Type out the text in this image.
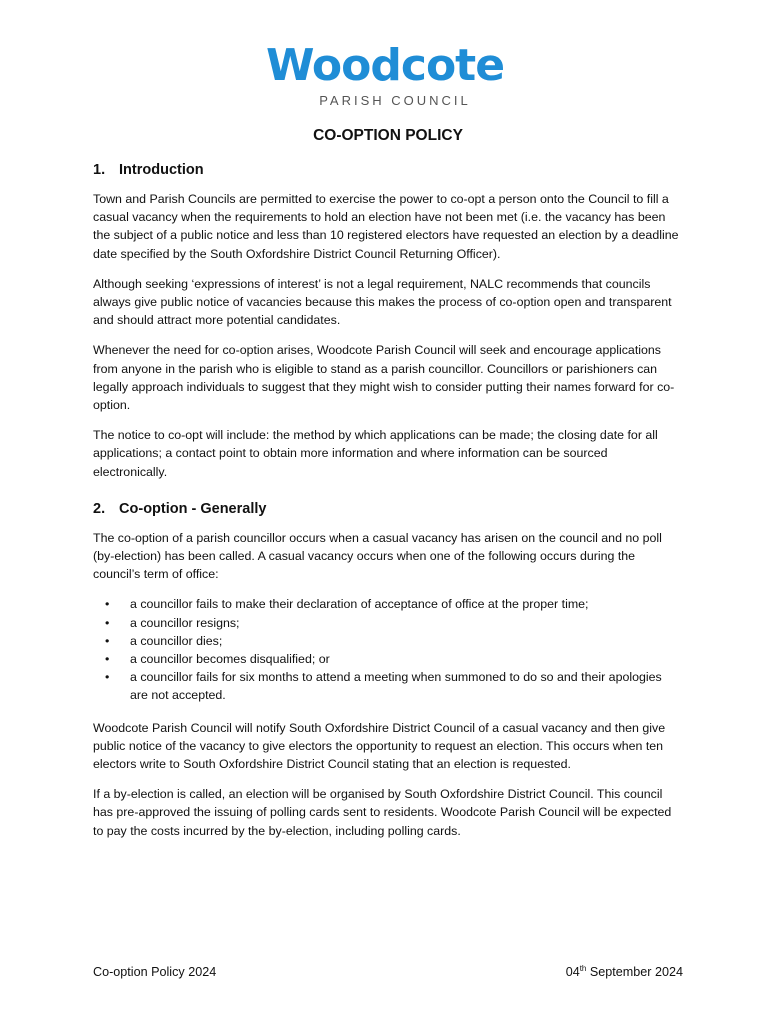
Woodcote
PARISH COUNCIL
CO-OPTION POLICY
1. Introduction

Town and Parish Councils are permitted to exercise the power to co-opt a person onto the Council to fill a casual vacancy when the requirements to hold an election have not been met (i.e. the vacancy has been the subject of a public notice and less than 10 registered electors have requested an election by a deadline date specified by the South Oxfordshire District Council Returning Officer).

Although seeking ‘expressions of interest’ is not a legal requirement, NALC recommends that councils always give public notice of vacancies because this makes the process of co-option open and transparent and should attract more potential candidates.

Whenever the need for co-option arises, Woodcote Parish Council will seek and encourage applications from anyone in the parish who is eligible to stand as a parish councillor. Councillors or parishioners can legally approach individuals to suggest that they might wish to consider putting their names forward for co-option.

The notice to co-opt will include: the method by which applications can be made; the closing date for all applications; a contact point to obtain more information and where information can be sourced electronically.

2. Co-option - Generally

The co-option of a parish councillor occurs when a casual vacancy has arisen on the council and no poll (by-election) has been called. A casual vacancy occurs when one of the following occurs during the council’s term of office:

• a councillor fails to make their declaration of acceptance of office at the proper time;
• a councillor resigns;
• a councillor dies;
• a councillor becomes disqualified; or
• a councillor fails for six months to attend a meeting when summoned to do so and their apologies are not accepted.

Woodcote Parish Council will notify South Oxfordshire District Council of a casual vacancy and then give public notice of the vacancy to give electors the opportunity to request an election. This occurs when ten electors write to South Oxfordshire District Council stating that an election is requested.

If a by-election is called, an election will be organised by South Oxfordshire District Council. This council has pre-approved the issuing of polling cards sent to residents. Woodcote Parish Council will be expected to pay the costs incurred by the by-election, including polling cards.

Co-option Policy 2024	04th September 2024
